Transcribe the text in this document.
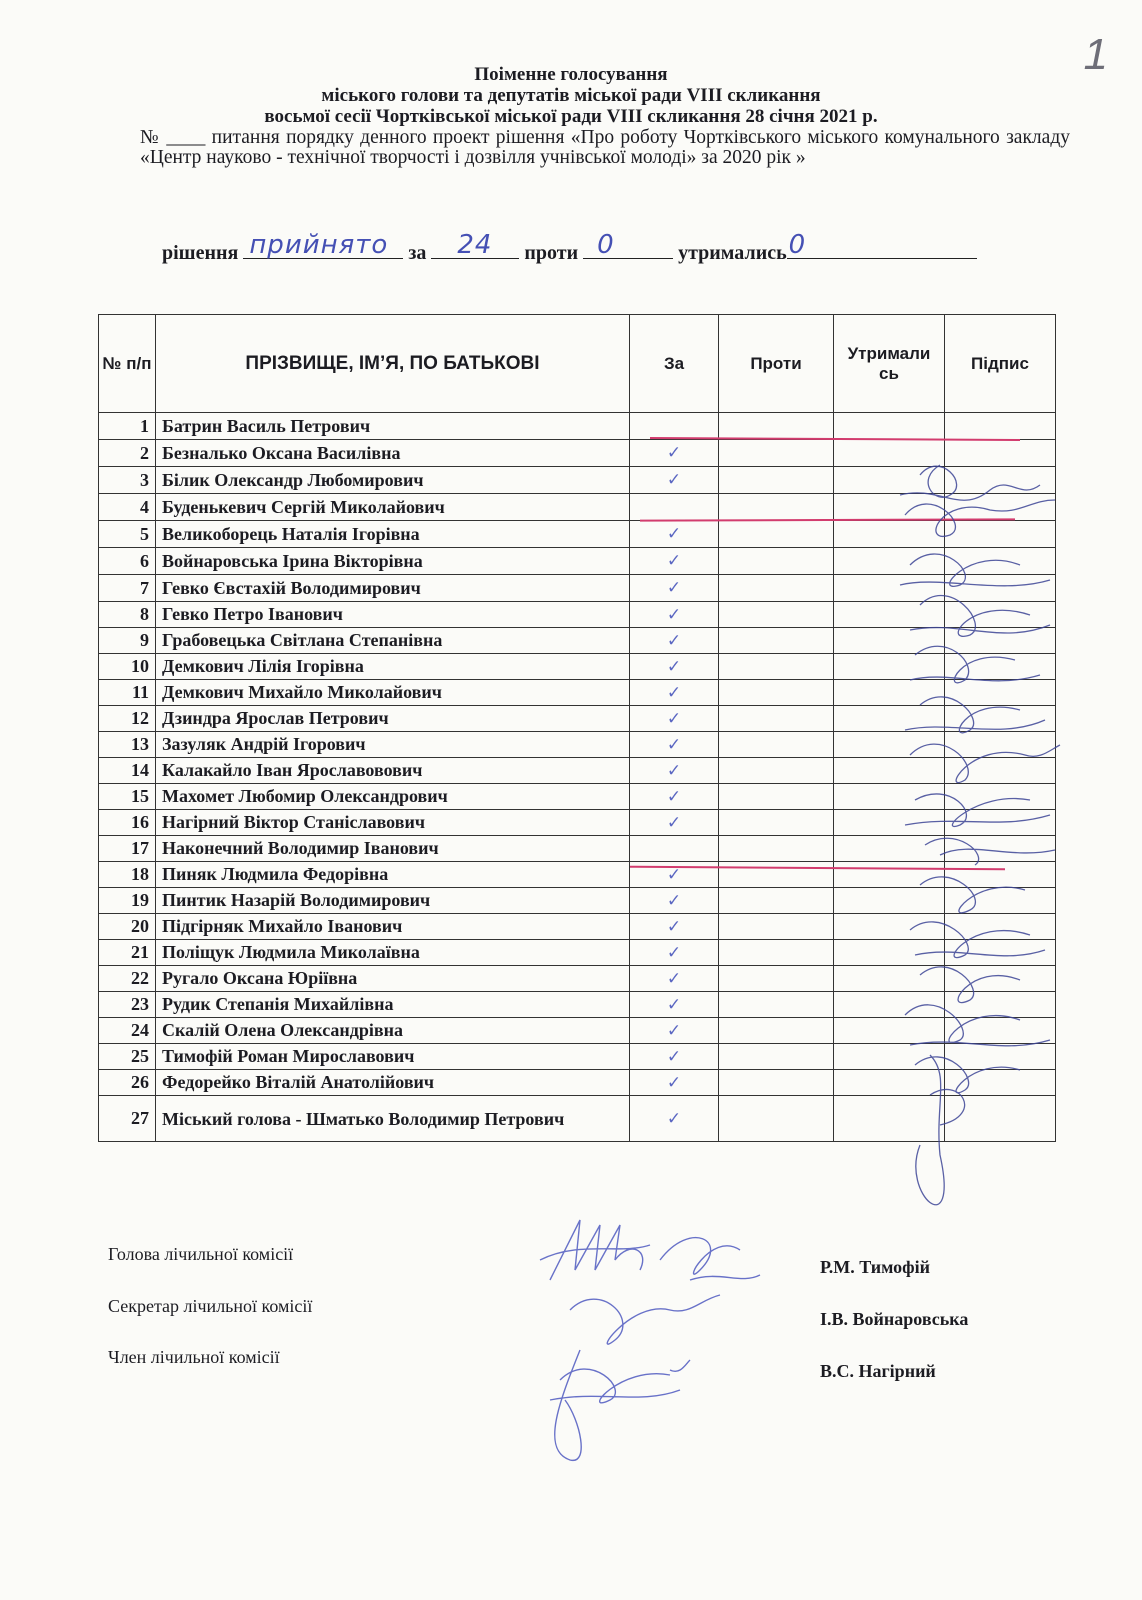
1
Поіменне голосування
міського голови та депутатів міської ради VIII скликання
восьмої сесії Чортківської міської ради VIII скликання 28 січня 2021 р.
№ ____ питання порядку денного проект рішення «Про роботу Чортківського міського комунального закладу «Центр науково - технічної творчості і дозвілля учнівської молоді» за 2020 рік »
рішення прийнято за 24 проти 0	утримались 0
№ п/п	ПРІЗВИЩЕ, ІМ’Я, ПО БАТЬКОВІ	За	Проти	Утримались	Підпис
1	Батрин Василь Петрович				
2	Безналько Оксана Василівна	✓			
3	Білик Олександр Любомирович	✓			
4	Буденькевич Сергій Миколайович				
5	Великоборець Наталія Ігорівна	✓			
6	Войнаровська Ірина Вікторівна	✓			
7	Гевко Євстахій Володимирович	✓			
8	Гевко Петро Іванович	✓			
9	Грабовецька Світлана Степанівна	✓			
10	Демкович Лілія Ігорівна	✓			
11	Демкович Михайло Миколайович	✓			
12	Дзиндра Ярослав Петрович	✓			
13	Зазуляк Андрій Ігорович	✓			
14	Калакайло Іван Ярославовович	✓			
15	Махомет Любомир Олександрович	✓			
16	Нагірний Віктор Станіславович	✓			
17	Наконечний Володимир Іванович				
18	Пиняк Людмила Федорівна	✓			
19	Пинтик Назарій Володимирович	✓			
20	Підгірняк Михайло Іванович	✓			
21	Поліщук Людмила Миколаївна	✓			
22	Ругало Оксана Юріївна	✓			
23	Рудик Степанія Михайлівна	✓			
24	Скалій Олена Олександрівна	✓			
25	Тимофій Роман Мирославович	✓			
26	Федорейко Віталій Анатолійович	✓			
27	Міський голова - Шматько Володимир Петрович	✓			
Голова лічильної комісії
Секретар лічильної комісії
Член лічильної комісії
Р.М. Тимофій
І.В. Войнаровська
В.С. Нагірний
